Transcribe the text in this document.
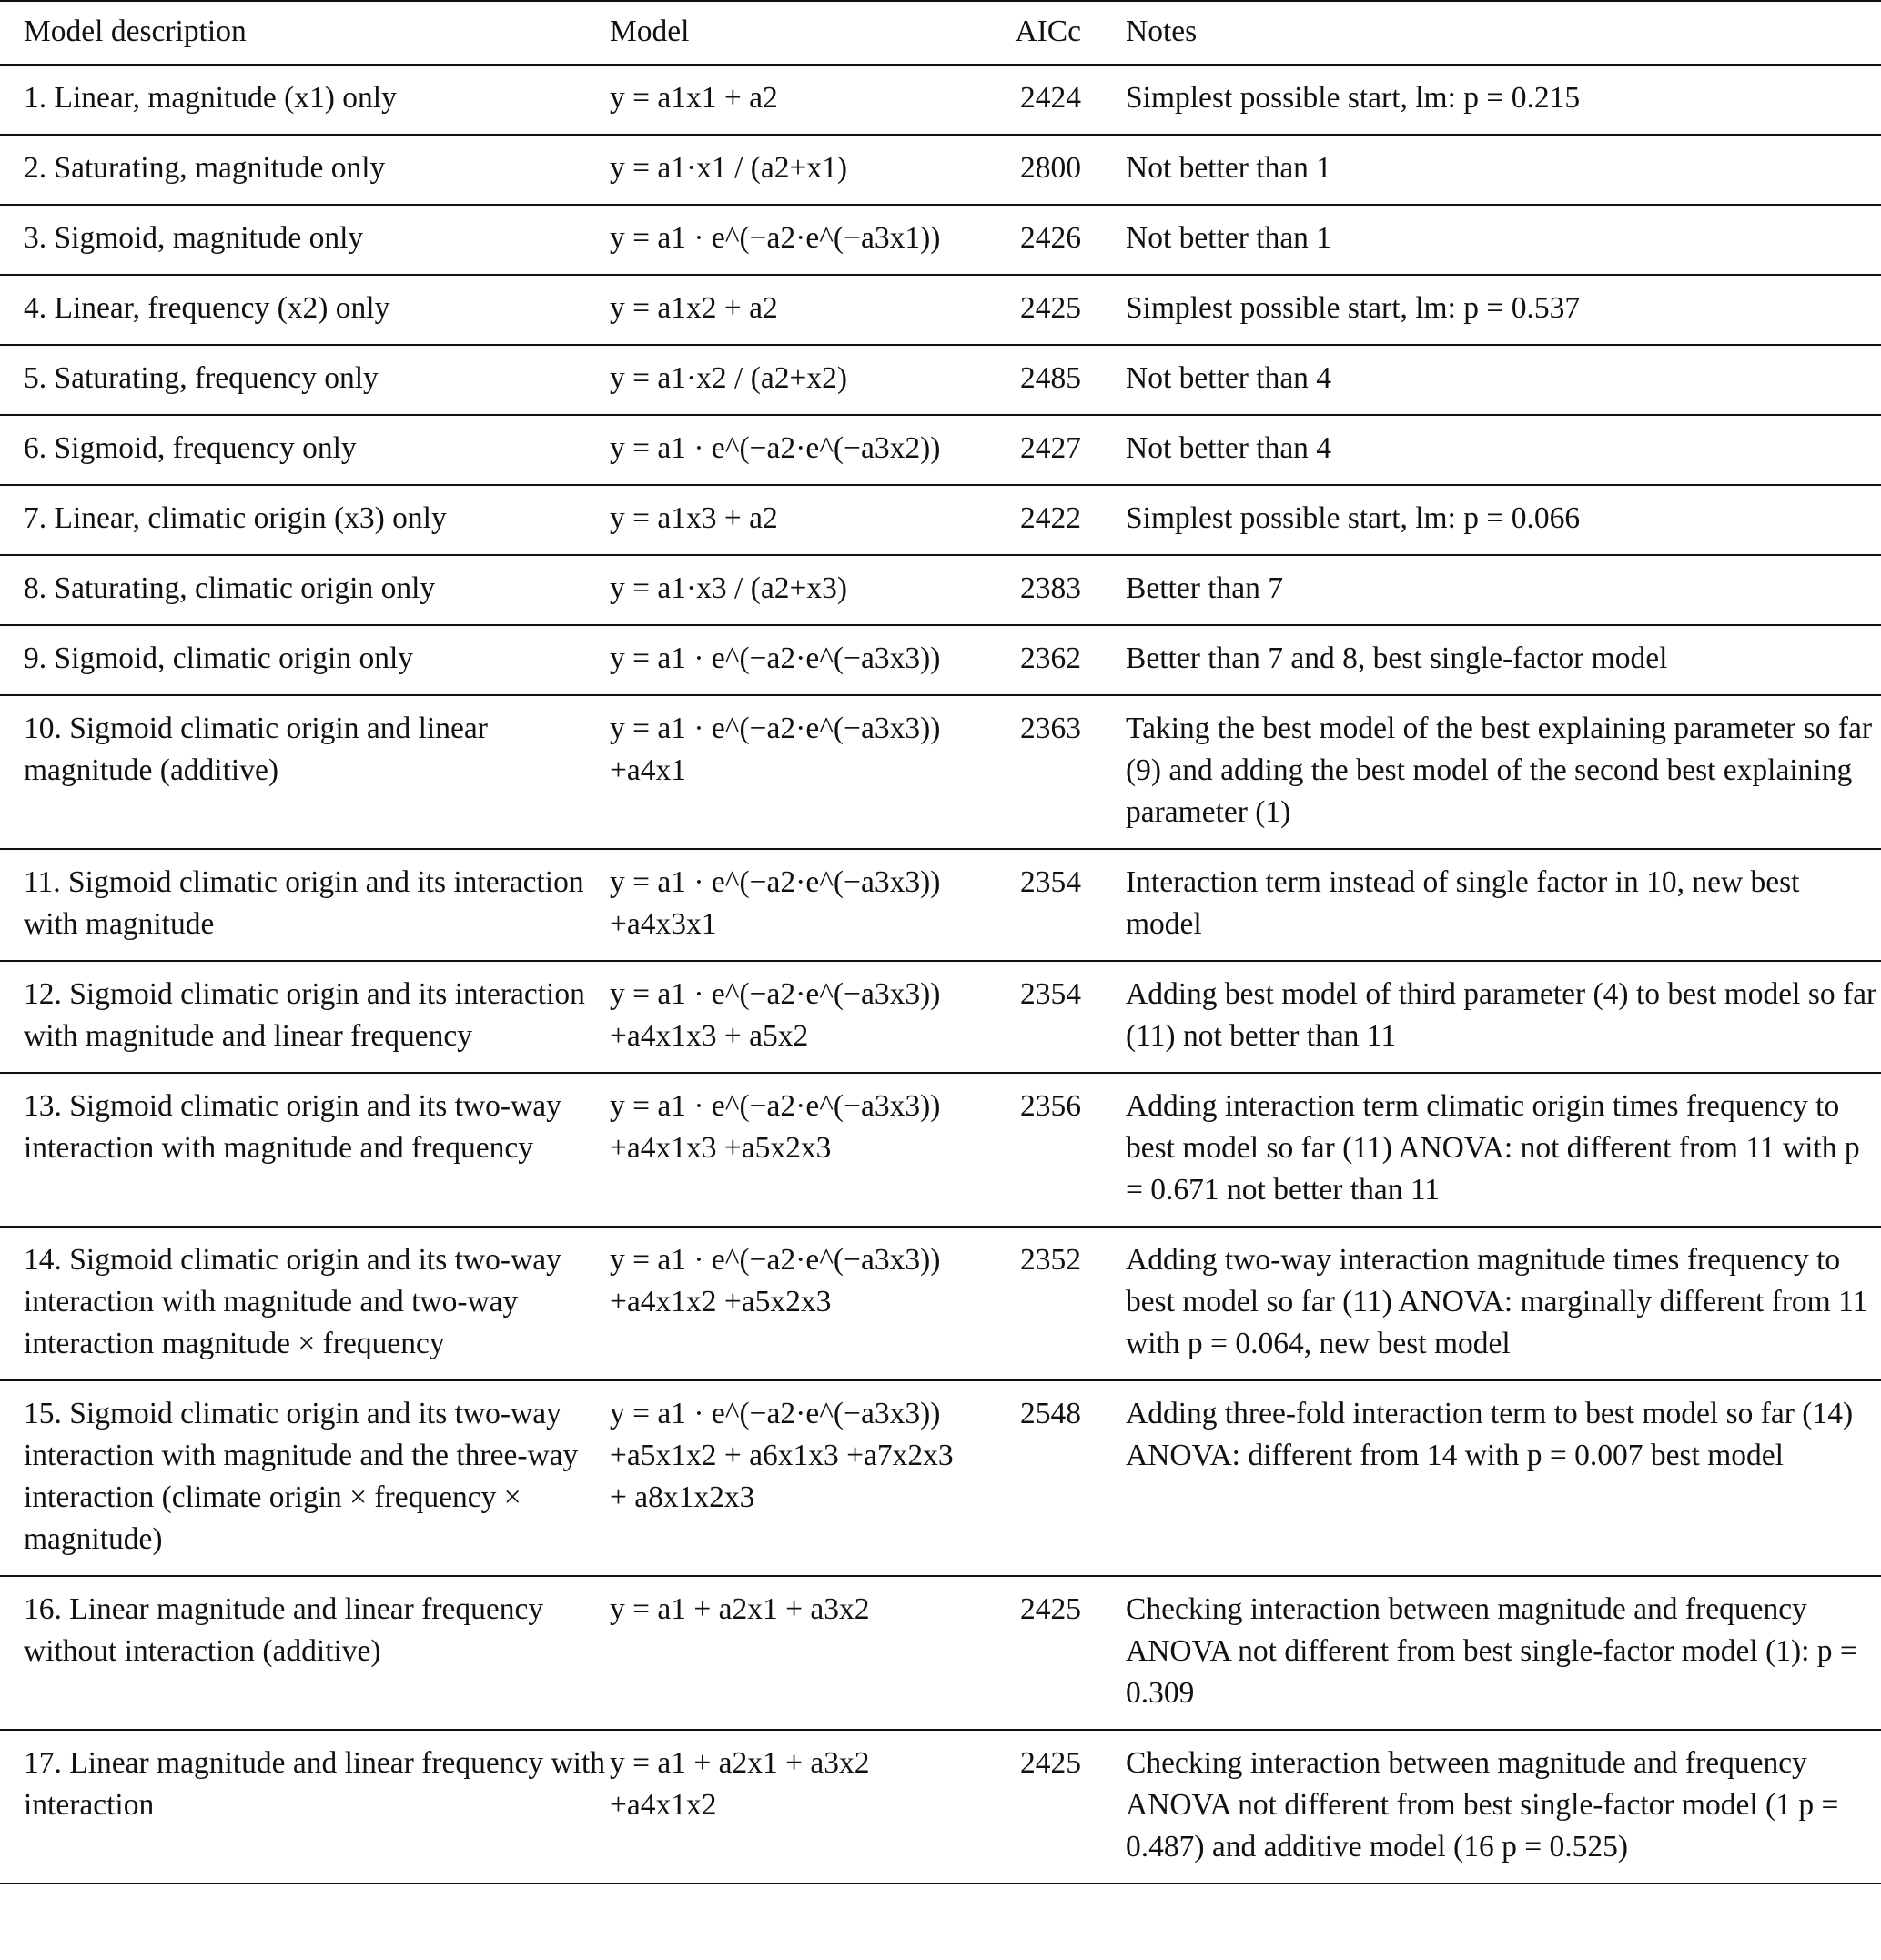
Model description	Model	AICc	Notes
1. Linear, magnitude (x1) only	y = a1x1 + a2	2424	Simplest possible start, lm: p = 0.215
2. Saturating, magnitude only	y = a1·x1 / (a2+x1)	2800	Not better than 1
3. Sigmoid, magnitude only	y = a1 · e^(−a2·e^(−a3x1))	2426	Not better than 1
4. Linear, frequency (x2) only	y = a1x2 + a2	2425	Simplest possible start, lm: p = 0.537
5. Saturating, frequency only	y = a1·x2 / (a2+x2)	2485	Not better than 4
6. Sigmoid, frequency only	y = a1 · e^(−a2·e^(−a3x2))	2427	Not better than 4
7. Linear, climatic origin (x3) only	y = a1x3 + a2	2422	Simplest possible start, lm: p = 0.066
8. Saturating, climatic origin only	y = a1·x3 / (a2+x3)	2383	Better than 7
9. Sigmoid, climatic origin only	y = a1 · e^(−a2·e^(−a3x3))	2362	Better than 7 and 8, best single-factor model
10. Sigmoid climatic origin and linear magnitude (additive)	y = a1 · e^(−a2·e^(−a3x3)) +a4x1	2363	Taking the best model of the best explaining parameter so far (9) and adding the best model of the second best explaining parameter (1)
11. Sigmoid climatic origin and its interaction with magnitude	y = a1 · e^(−a2·e^(−a3x3)) +a4x3x1	2354	Interaction term instead of single factor in 10, new best model
12. Sigmoid climatic origin and its interaction with magnitude and linear frequency	y = a1 · e^(−a2·e^(−a3x3)) +a4x1x3 + a5x2	2354	Adding best model of third parameter (4) to best model so far (11) not better than 11
13. Sigmoid climatic origin and its two-way interaction with magnitude and frequency	y = a1 · e^(−a2·e^(−a3x3)) +a4x1x3 +a5x2x3	2356	Adding interaction term climatic origin times frequency to best model so far (11) ANOVA: not different from 11 with p = 0.671 not better than 11
14. Sigmoid climatic origin and its two-way interaction with magnitude and two-way interaction magnitude × frequency	y = a1 · e^(−a2·e^(−a3x3)) +a4x1x2 +a5x2x3	2352	Adding two-way interaction magnitude times frequency to best model so far (11) ANOVA: marginally different from 11 with p = 0.064, new best model
15. Sigmoid climatic origin and its two-way interaction with magnitude and the three-way interaction (climate origin × frequency × magnitude)	y = a1 · e^(−a2·e^(−a3x3)) +a5x1x2 + a6x1x3 +a7x2x3 + a8x1x2x3	2548	Adding three-fold interaction term to best model so far (14) ANOVA: different from 14 with p = 0.007 best model
16. Linear magnitude and linear frequency without interaction (additive)	y = a1 + a2x1 + a3x2	2425	Checking interaction between magnitude and frequency ANOVA not different from best single-factor model (1): p = 0.309
17. Linear magnitude and linear frequency with interaction	y = a1 + a2x1 + a3x2 +a4x1x2	2425	Checking interaction between magnitude and frequency ANOVA not different from best single-factor model (1 p = 0.487) and additive model (16 p = 0.525)
